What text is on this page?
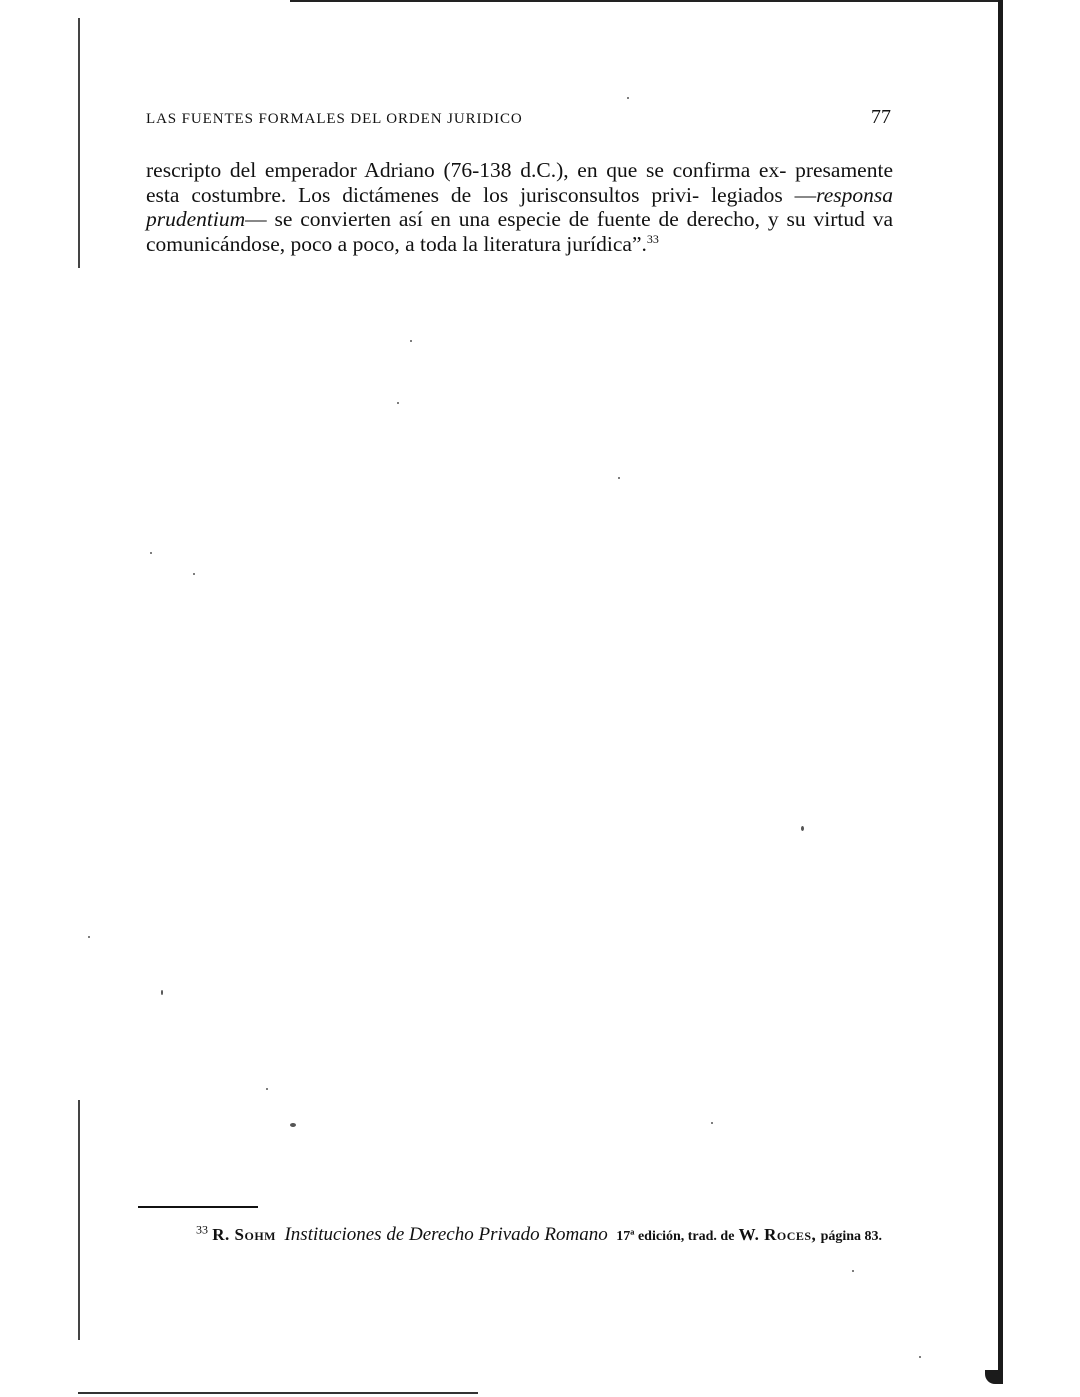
LAS FUENTES FORMALES DEL ORDEN JURIDICO	77

rescripto del emperador Adriano (76-138 d.C.), en que se confirma ex- presamente esta costumbre. Los dictámenes de los jurisconsultos privi- legiados —responsa prudentium— se convierten así en una especie de fuente de derecho, y su virtud va comunicándose, poco a poco, a toda la literatura jurídica”.$^{33}$

$^{33}$ R. Sohm Instituciones de Derecho Privado Romano 17ª edición, trad. de W. Roces, página 83.
